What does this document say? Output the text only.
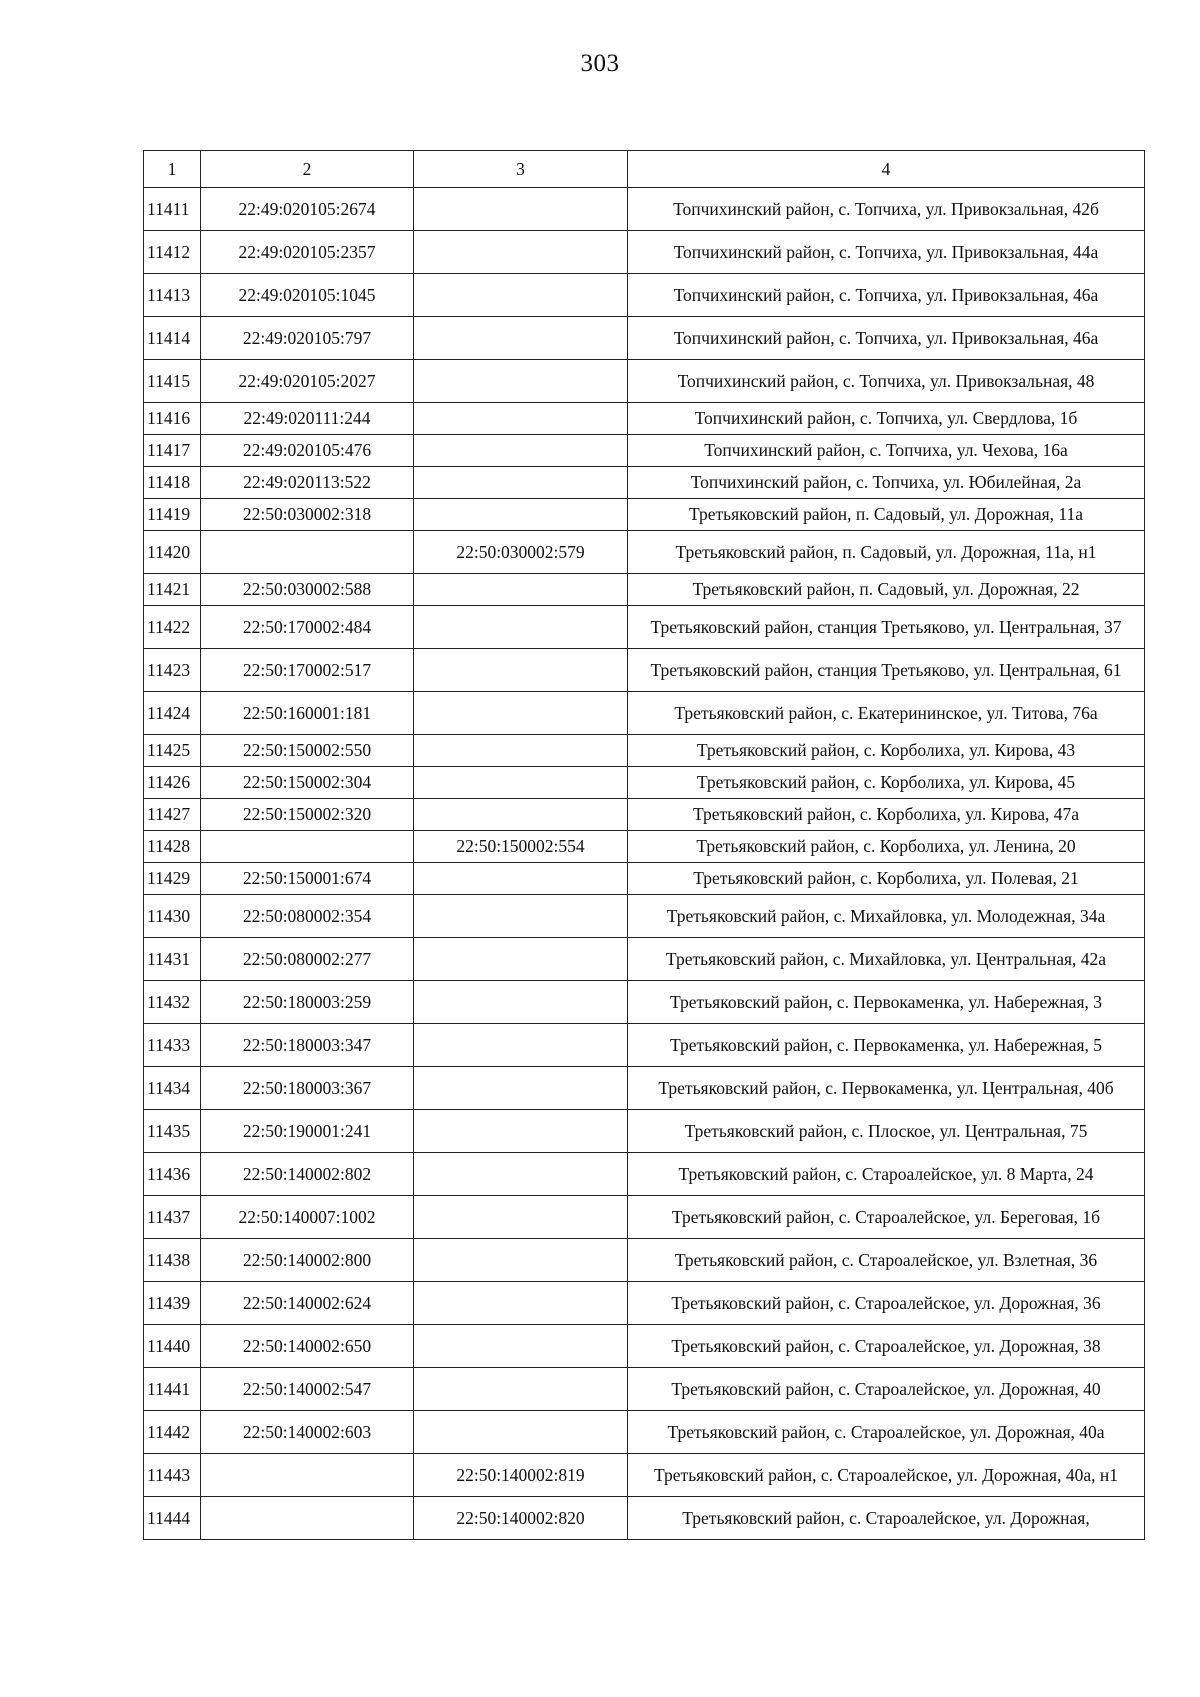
303
1	2	3	4
11411	22:49:020105:2674		Топчихинский район, с. Топчиха, ул. Привокзальная, 42б
11412	22:49:020105:2357		Топчихинский район, с. Топчиха, ул. Привокзальная, 44а
11413	22:49:020105:1045		Топчихинский район, с. Топчиха, ул. Привокзальная, 46а
11414	22:49:020105:797		Топчихинский район, с. Топчиха, ул. Привокзальная, 46а
11415	22:49:020105:2027		Топчихинский район, с. Топчиха, ул. Привокзальная, 48
11416	22:49:020111:244		Топчихинский район, с. Топчиха, ул. Свердлова, 1б
11417	22:49:020105:476		Топчихинский район, с. Топчиха, ул. Чехова, 16а
11418	22:49:020113:522		Топчихинский район, с. Топчиха, ул. Юбилейная, 2а
11419	22:50:030002:318		Третьяковский район, п. Садовый, ул. Дорожная, 11а
11420		22:50:030002:579	Третьяковский район, п. Садовый, ул. Дорожная, 11а, н1
11421	22:50:030002:588		Третьяковский район, п. Садовый, ул. Дорожная, 22
11422	22:50:170002:484		Третьяковский район, станция Третьяково, ул. Центральная, 37
11423	22:50:170002:517		Третьяковский район, станция Третьяково, ул. Центральная, 61
11424	22:50:160001:181		Третьяковский район, с. Екатерининское, ул. Титова, 76а
11425	22:50:150002:550		Третьяковский район, с. Корболиха, ул. Кирова, 43
11426	22:50:150002:304		Третьяковский район, с. Корболиха, ул. Кирова, 45
11427	22:50:150002:320		Третьяковский район, с. Корболиха, ул. Кирова, 47а
11428		22:50:150002:554	Третьяковский район, с. Корболиха, ул. Ленина, 20
11429	22:50:150001:674		Третьяковский район, с. Корболиха, ул. Полевая, 21
11430	22:50:080002:354		Третьяковский район, с. Михайловка, ул. Молодежная, 34а
11431	22:50:080002:277		Третьяковский район, с. Михайловка, ул. Центральная, 42а
11432	22:50:180003:259		Третьяковский район, с. Первокаменка, ул. Набережная, 3
11433	22:50:180003:347		Третьяковский район, с. Первокаменка, ул. Набережная, 5
11434	22:50:180003:367		Третьяковский район, с. Первокаменка, ул. Центральная, 40б
11435	22:50:190001:241		Третьяковский район, с. Плоское, ул. Центральная, 75
11436	22:50:140002:802		Третьяковский район, с. Староалейское, ул. 8 Марта, 24
11437	22:50:140007:1002		Третьяковский район, с. Староалейское, ул. Береговая, 1б
11438	22:50:140002:800		Третьяковский район, с. Староалейское, ул. Взлетная, 36
11439	22:50:140002:624		Третьяковский район, с. Староалейское, ул. Дорожная, 36
11440	22:50:140002:650		Третьяковский район, с. Староалейское, ул. Дорожная, 38
11441	22:50:140002:547		Третьяковский район, с. Староалейское, ул. Дорожная, 40
11442	22:50:140002:603		Третьяковский район, с. Староалейское, ул. Дорожная, 40а
11443		22:50:140002:819	Третьяковский район, с. Староалейское, ул. Дорожная, 40а, н1
11444		22:50:140002:820	Третьяковский район, с. Староалейское, ул. Дорожная,
